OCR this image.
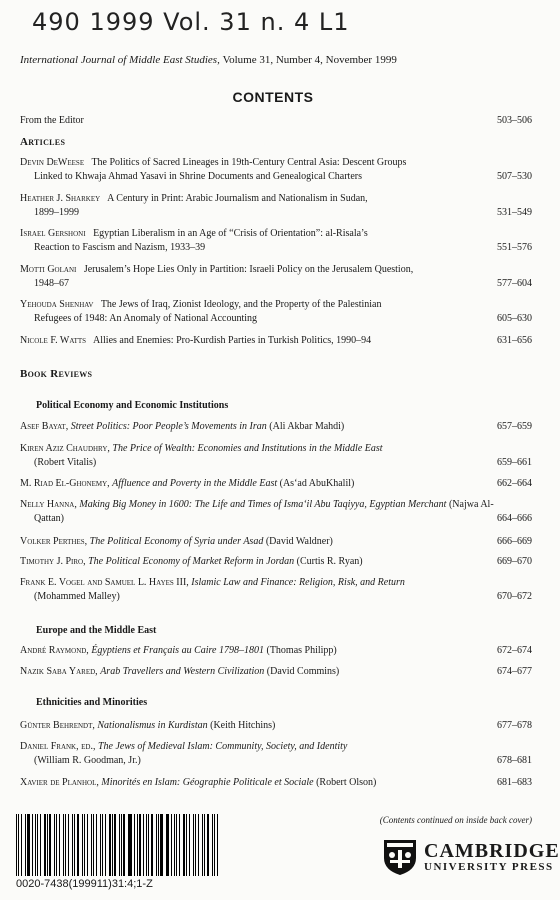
490 1999 Vol. 31 n. 4 L1
International Journal of Middle East Studies, Volume 31, Number 4, November 1999
CONTENTS
From the Editor	503–506
Articles
Devin DeWeese The Politics of Sacred Lineages in 19th-Century Central Asia: Descent Groups
Linked to Khwaja Ahmad Yasavi in Shrine Documents and Genealogical Charters	507–530
Heather J. Sharkey A Century in Print: Arabic Journalism and Nationalism in Sudan,
1899–1999	531–549
Israel Gershoni Egyptian Liberalism in an Age of “Crisis of Orientation”: al-Risala’s
Reaction to Fascism and Nazism, 1933–39	551–576
Motti Golani Jerusalem’s Hope Lies Only in Partition: Israeli Policy on the Jerusalem Question,
1948–67	577–604
Yehouda Shenhav The Jews of Iraq, Zionist Ideology, and the Property of the Palestinian
Refugees of 1948: An Anomaly of National Accounting	605–630
Nicole F. Watts Allies and Enemies: Pro-Kurdish Parties in Turkish Politics, 1990–94	631–656
Book Reviews
Political Economy and Economic Institutions
Asef Bayat, Street Politics: Poor People’s Movements in Iran (Ali Akbar Mahdi)	657–659
Kiren Aziz Chaudhry, The Price of Wealth: Economies and Institutions in the Middle East
(Robert Vitalis)	659–661
M. Riad El-Ghonemy, Affluence and Poverty in the Middle East (As‘ad AbuKhalil)	662–664
Nelly Hanna, Making Big Money in 1600: The Life and Times of Isma‘il Abu Taqiyya, Egyptian Merchant (Najwa Al-Qattan)	664–666
Volker Perthes, The Political Economy of Syria under Asad (David Waldner)	666–669
Timothy J. Piro, The Political Economy of Market Reform in Jordan (Curtis R. Ryan)	669–670
Frank E. Vogel and Samuel L. Hayes III, Islamic Law and Finance: Religion, Risk, and Return
(Mohammed Malley)	670–672
Europe and the Middle East
André Raymond, Égyptiens et Français au Caire 1798–1801 (Thomas Philipp)	672–674
Nazik Saba Yared, Arab Travellers and Western Civilization (David Commins)	674–677
Ethnicities and Minorities
Günter Behrendt, Nationalismus in Kurdistan (Keith Hitchins)	677–678
Daniel Frank, ed., The Jews of Medieval Islam: Community, Society, and Identity
(William R. Goodman, Jr.)	678–681
Xavier de Planhol, Minorités en Islam: Géographie Politicale et Sociale (Robert Olson)	681–683
(Contents continued on inside back cover)
0020-7438(199911)31:4;1-Z
CAMBRIDGE
UNIVERSITY PRESS
